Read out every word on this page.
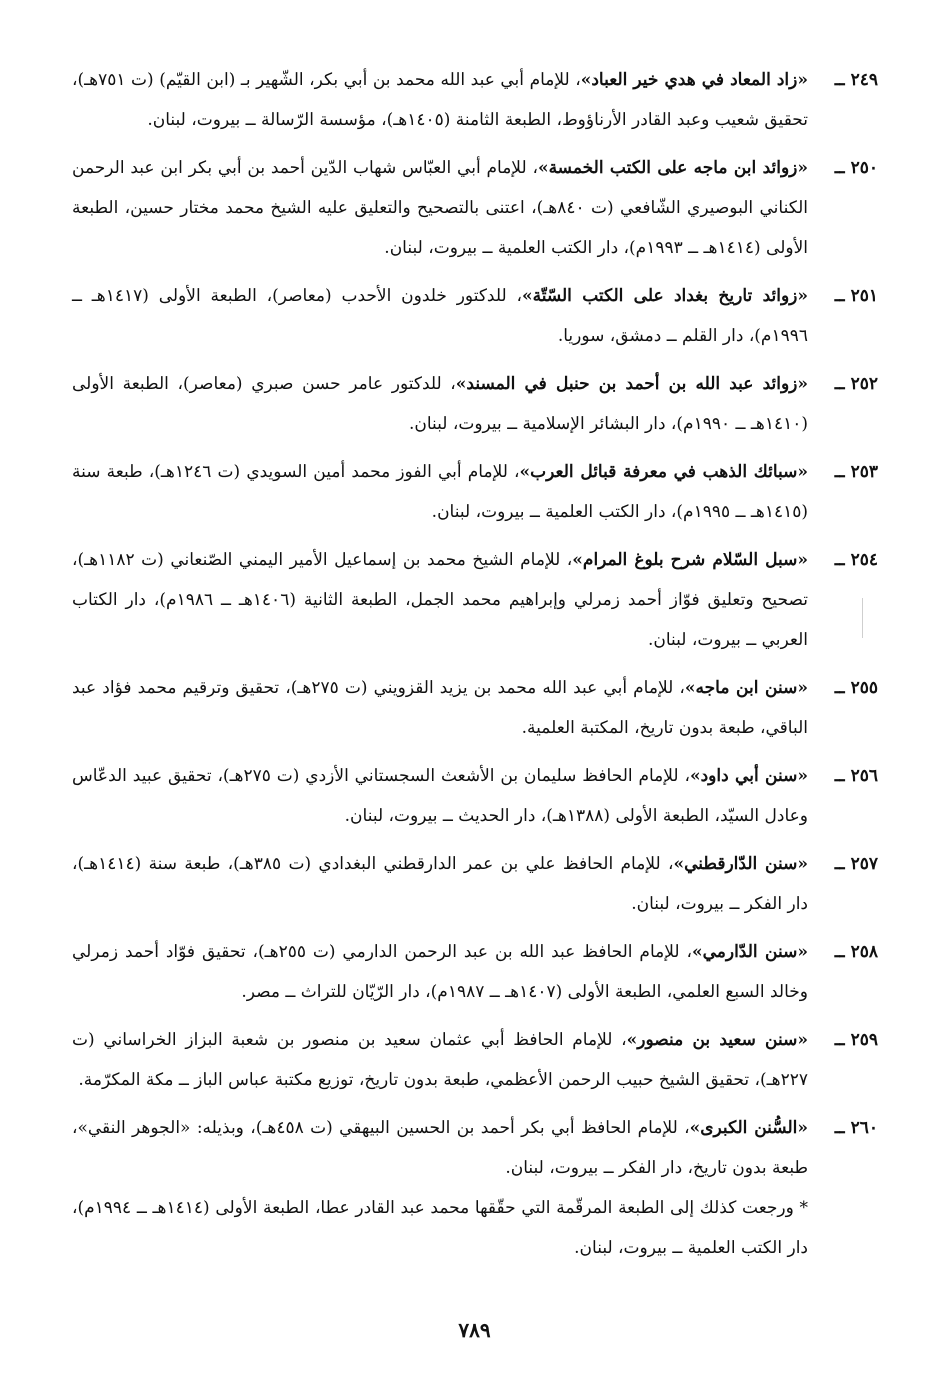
٢٤٩ ــ
«زاد المعاد في هدي خير العباد»، للإمام أبي عبد الله محمد بن أبي بكر، الشّهير بـ (ابن القيّم) (ت ٧٥١هـ)، تحقيق شعيب وعبد القادر الأرناؤوط، الطبعة الثامنة (١٤٠٥هـ)، مؤسسة الرّسالة ــ بيروت، لبنان.
٢٥٠ ــ
«زوائد ابن ماجه على الكتب الخمسة»، للإمام أبي العبّاس شهاب الدّين أحمد بن أبي بكر ابن عبد الرحمن الكناني البوصيري الشّافعي (ت ٨٤٠هـ)، اعتنى بالتصحيح والتعليق عليه الشيخ محمد مختار حسين، الطبعة الأولى (١٤١٤هـ ــ ١٩٩٣م)، دار الكتب العلمية ــ بيروت، لبنان.
٢٥١ ــ
«زوائد تاريخ بغداد على الكتب السّتّة»، للدكتور خلدون الأحدب (معاصر)، الطبعة الأولى (١٤١٧هـ ــ ١٩٩٦م)، دار القلم ــ دمشق، سوريا.
٢٥٢ ــ
«زوائد عبد الله بن أحمد بن حنبل في المسند»، للدكتور عامر حسن صبري (معاصر)، الطبعة الأولى (١٤١٠هـ ــ ١٩٩٠م)، دار البشائر الإسلامية ــ بيروت، لبنان.
٢٥٣ ــ
«سبائك الذهب في معرفة قبائل العرب»، للإمام أبي الفوز محمد أمين السويدي (ت ١٢٤٦هـ)، طبعة سنة (١٤١٥هـ ــ ١٩٩٥م)، دار الكتب العلمية ــ بيروت، لبنان.
٢٥٤ ــ
«سبل السّلام شرح بلوغ المرام»، للإمام الشيخ محمد بن إسماعيل الأمير اليمني الصّنعاني (ت ١١٨٢هـ)، تصحيح وتعليق فوّاز أحمد زمرلي وإبراهيم محمد الجمل، الطبعة الثانية (١٤٠٦هـ ــ ١٩٨٦م)، دار الكتاب العربي ــ بيروت، لبنان.
٢٥٥ ــ
«سنن ابن ماجه»، للإمام أبي عبد الله محمد بن يزيد القزويني (ت ٢٧٥هـ)، تحقيق وترقيم محمد فؤاد عبد الباقي، طبعة بدون تاريخ، المكتبة العلمية.
٢٥٦ ــ
«سنن أبي داود»، للإمام الحافظ سليمان بن الأشعث السجستاني الأزدي (ت ٢٧٥هـ)، تحقيق عبيد الدعّاس وعادل السيّد، الطبعة الأولى (١٣٨٨هـ)، دار الحديث ــ بيروت، لبنان.
٢٥٧ ــ
«سنن الدّارقطني»، للإمام الحافظ علي بن عمر الدارقطني البغدادي (ت ٣٨٥هـ)، طبعة سنة (١٤١٤هـ)، دار الفكر ــ بيروت، لبنان.
٢٥٨ ــ
«سنن الدّارمي»، للإمام الحافظ عبد الله بن عبد الرحمن الدارمي (ت ٢٥٥هـ)، تحقيق فوّاد أحمد زمرلي وخالد السبع العلمي، الطبعة الأولى (١٤٠٧هـ ــ ١٩٨٧م)، دار الرّيّان للتراث ــ مصر.
٢٥٩ ــ
«سنن سعيد بن منصور»، للإمام الحافظ أبي عثمان سعيد بن منصور بن شعبة البزاز الخراساني (ت ٢٢٧هـ)، تحقيق الشيخ حبيب الرحمن الأعظمي، طبعة بدون تاريخ، توزيع مكتبة عباس الباز ــ مكة المكرّمة.
٢٦٠ ــ
«السُّنن الكبرى»، للإمام الحافظ أبي بكر أحمد بن الحسين البيهقي (ت ٤٥٨هـ)، وبذيله: «الجوهر النقي»، طبعة بدون تاريخ، دار الفكر ــ بيروت، لبنان.
* ورجعت كذلك إلى الطبعة المرقّمة التي حقّقها محمد عبد القادر عطا، الطبعة الأولى (١٤١٤هـ ــ ١٩٩٤م)، دار الكتب العلمية ــ بيروت، لبنان.
٧٨٩
